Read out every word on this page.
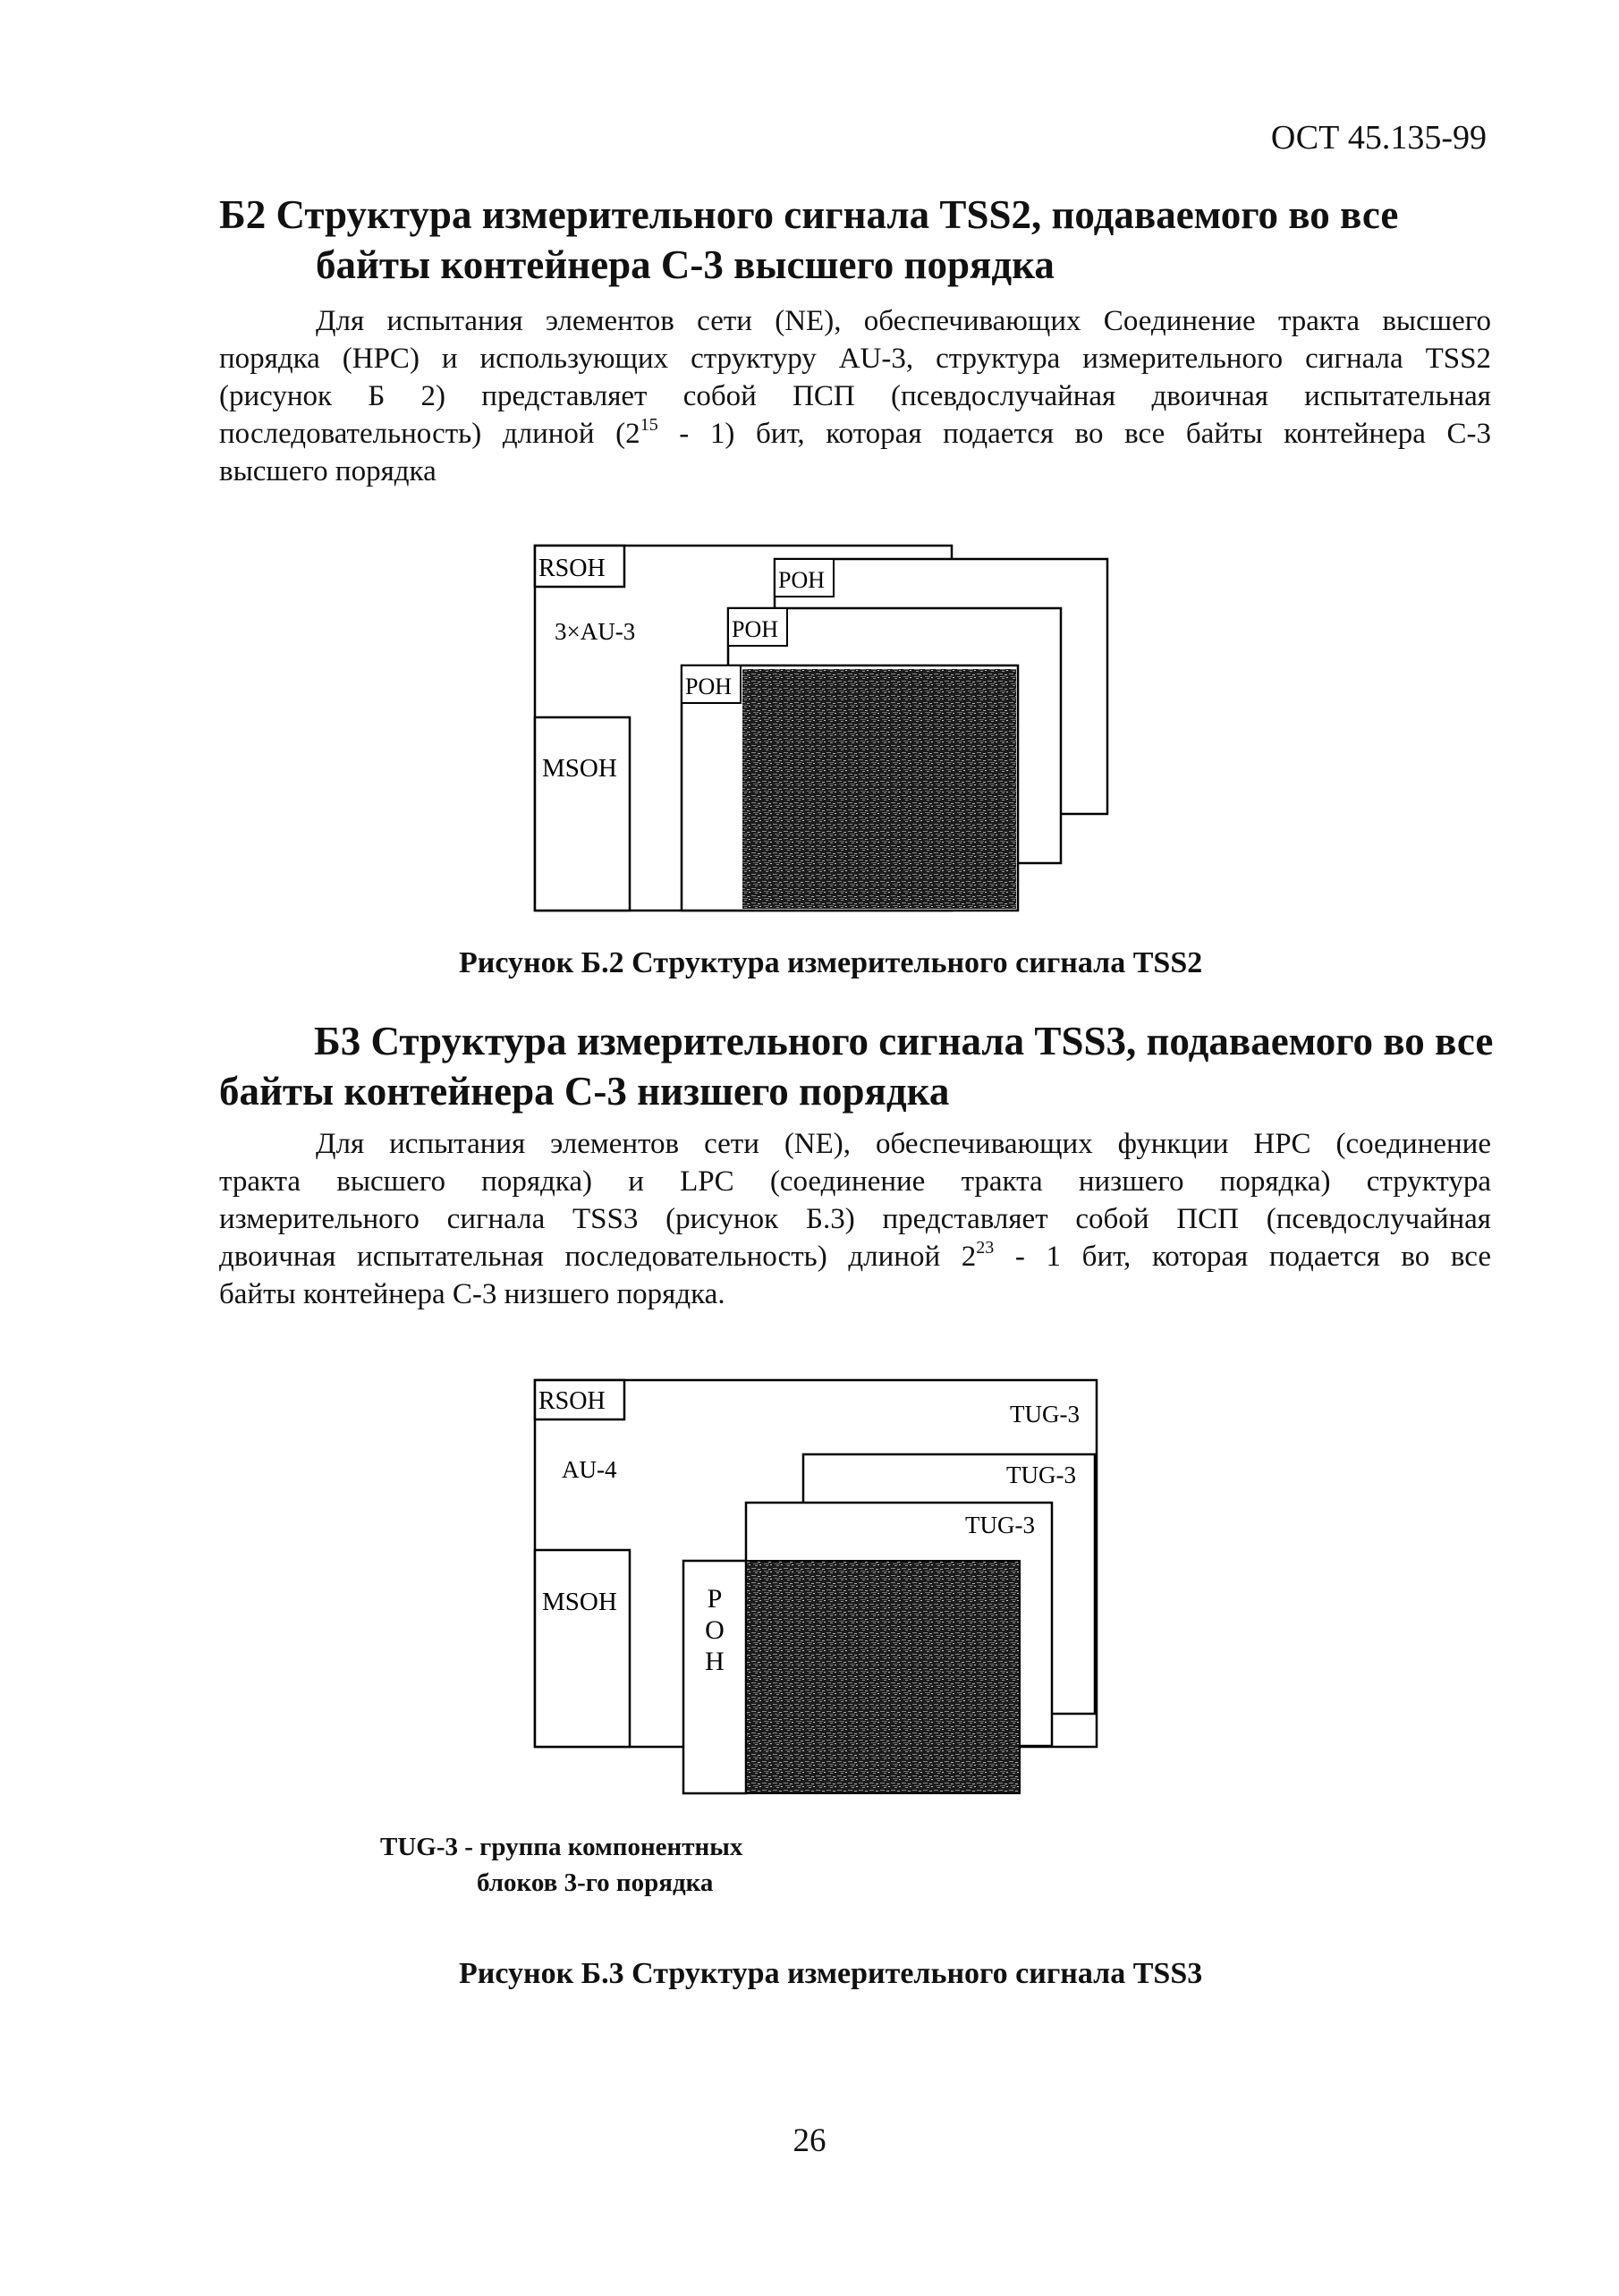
ОСТ 45.135-99
Б2 Структура измерительного сигнала TSS2, подаваемого во все
байты контейнера С-3 высшего порядка
Для испытания элементов сети (NE), обеспечивающих Соединение тракта высшего
порядка (HPC) и использующих структуру AU-3, структура измерительного сигнала TSS2
(рисунок Б 2) представляет собой ПСП (псевдослучайная двоичная испытательная
последовательность) длиной $(2^{15} - 1)$ бит, которая подается во все байты контейнера С-3
высшего порядка
RSOH
3×AU-3
MSOH
POH
POH
POH
RSOH
AU-4
TUG-3
MSOH
TUG-3
TUG-3
P
O
H
Рисунок Б.2 Структура измерительного сигнала TSS2
Б3 Структура измерительного сигнала TSS3, подаваемого во все
байты контейнера С-3 низшего порядка
Для испытания элементов сети (NE), обеспечивающих функции HPC (соединение
тракта высшего порядка) и LPC (соединение тракта низшего порядка) структура
измерительного сигнала TSS3 (рисунок Б.3) представляет собой ПСП (псевдослучайная
двоичная испытательная последовательность) длиной $2^{23} - 1$ бит, которая подается во все
байты контейнера С-3 низшего порядка.
TUG-3 - группа компонентных
блоков 3-го порядка
Рисунок Б.3 Структура измерительного сигнала TSS3
26
